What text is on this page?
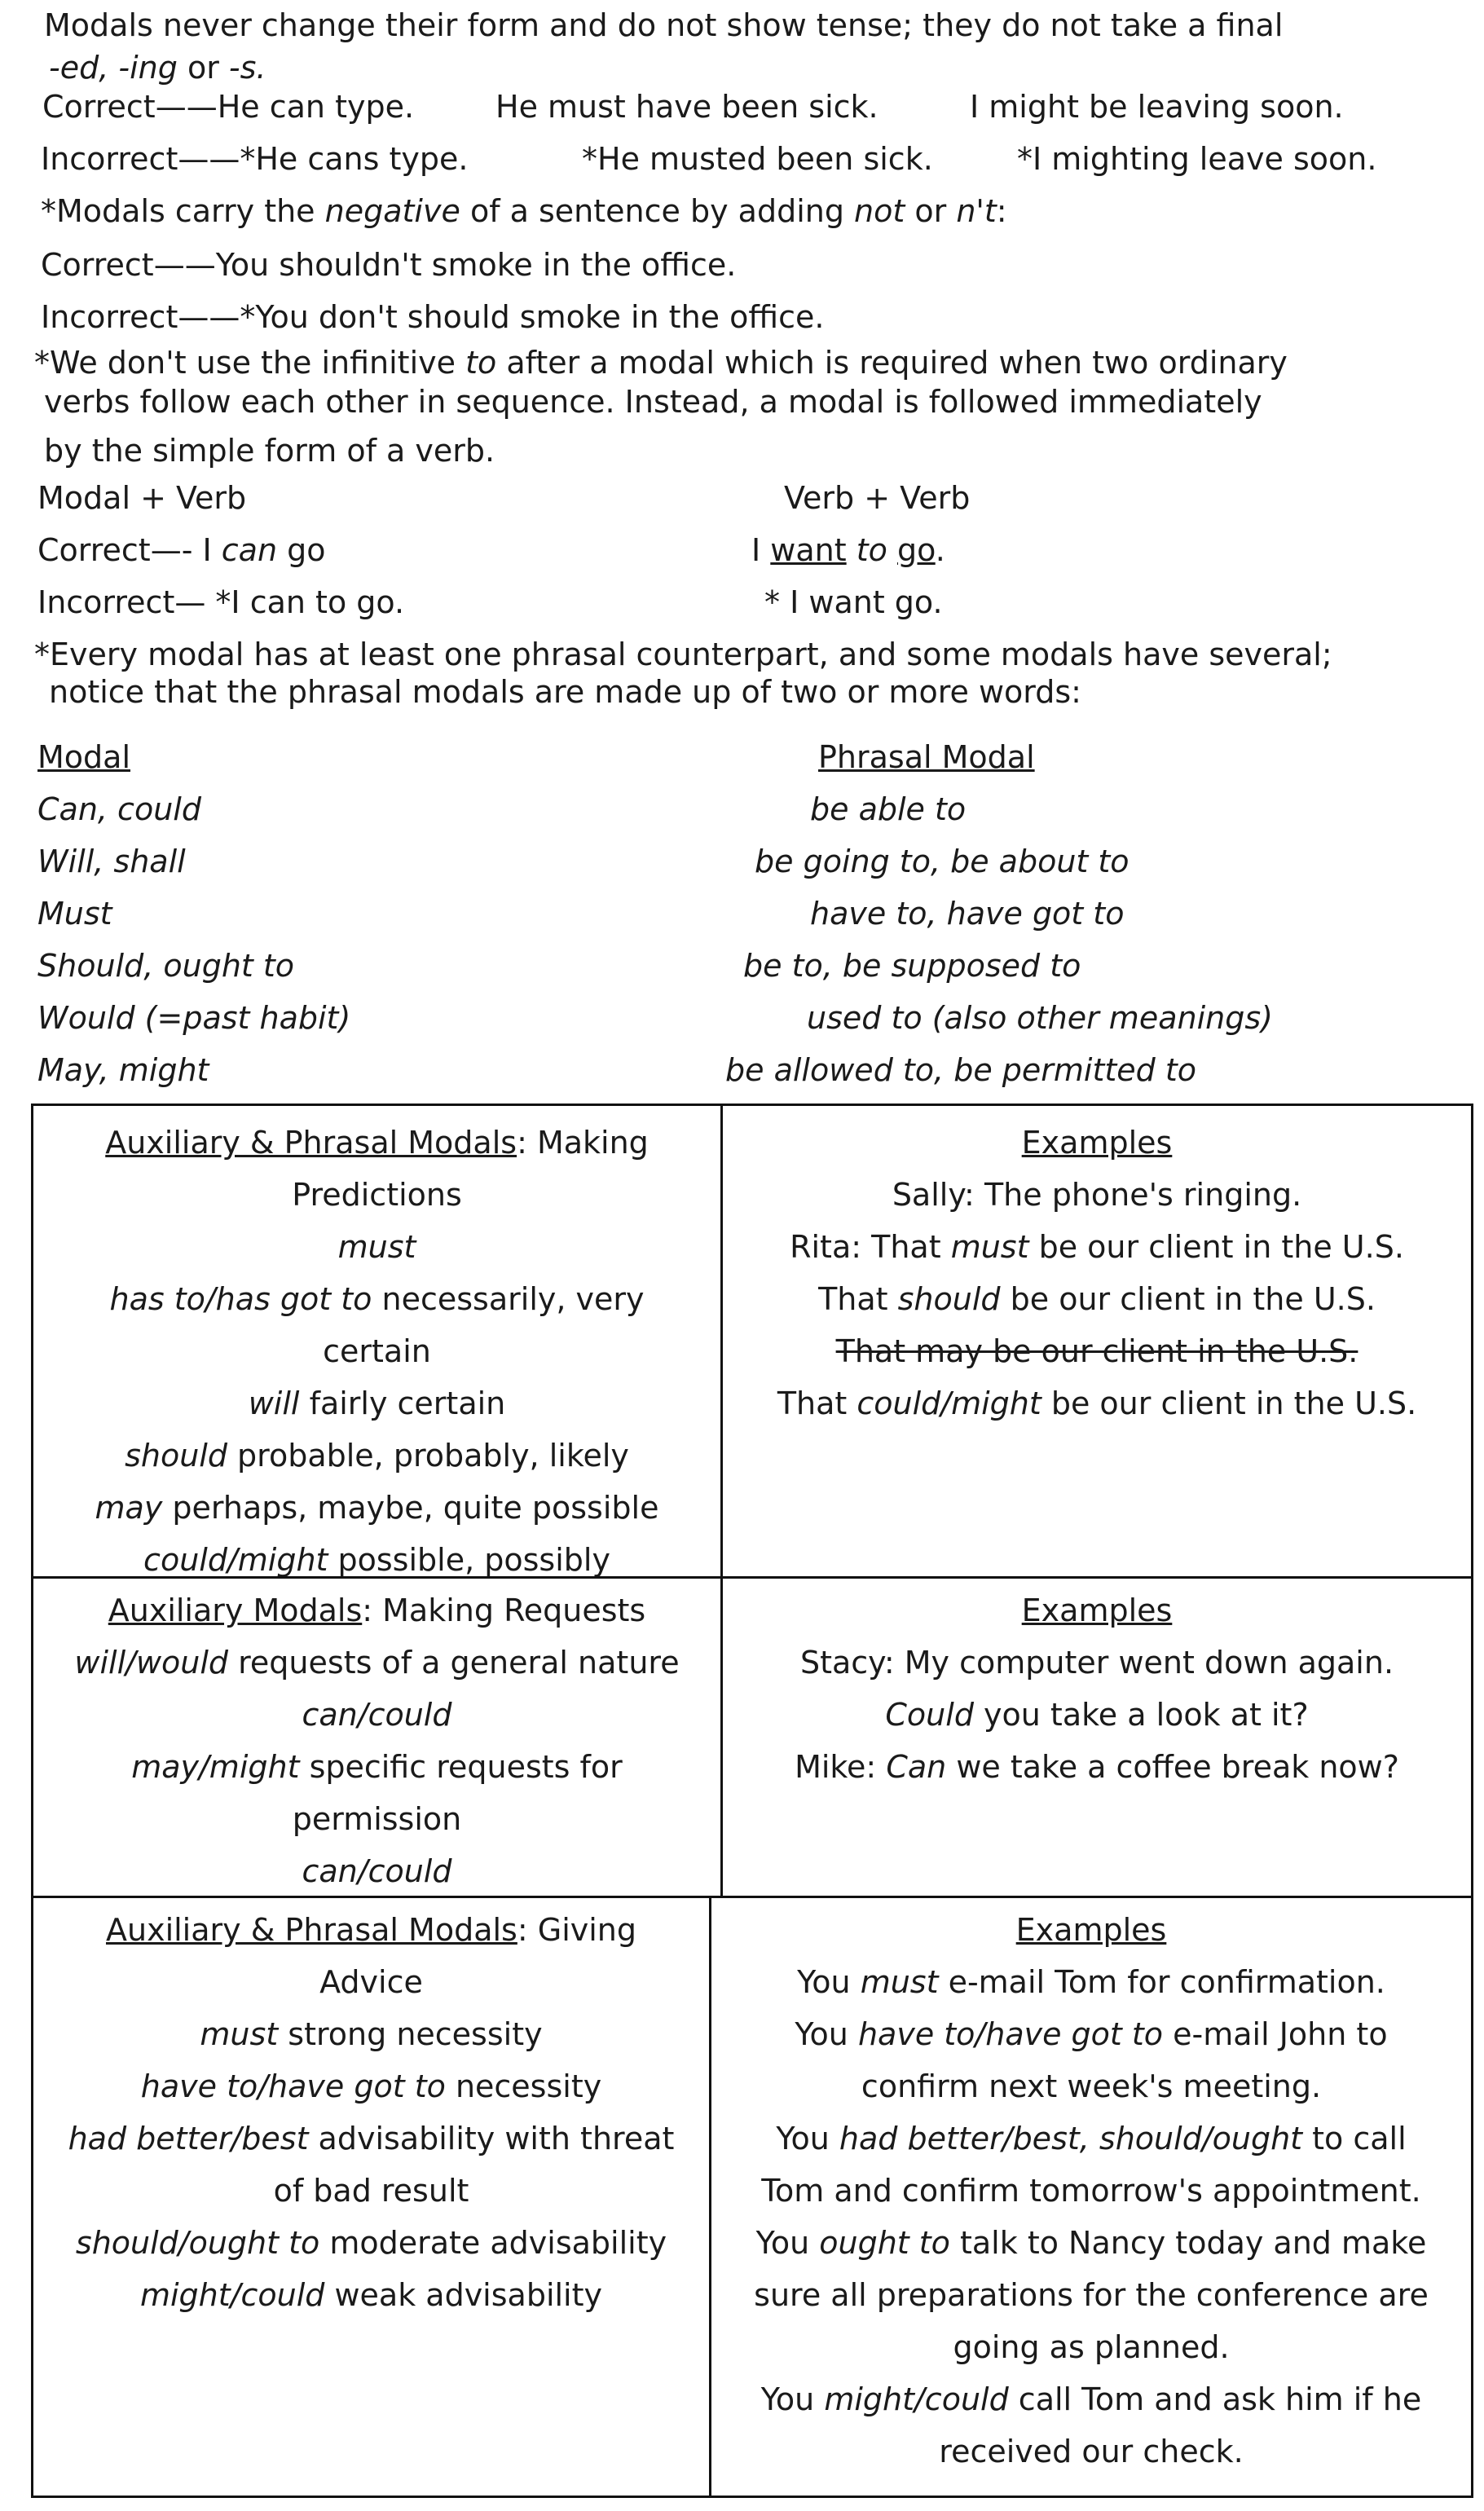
Modals never change their form and do not show tense; they do not take a final
-ed, -ing or -s.
Correct——He can type.	He must have been sick.	I might be leaving soon.
Incorrect——*He cans type.	*He musted been sick.	*I mighting leave soon.
*Modals carry the negative of a sentence by adding not or n't:
Correct——You shouldn't smoke in the office.
Incorrect——*You don't should smoke in the office.
*We don't use the infinitive to after a modal which is required when two ordinary
verbs follow each other in sequence. Instead, a modal is followed immediately
by the simple form of a verb.
Modal + Verb	Verb + Verb
Correct—- I can go	I want to go.
Incorrect— *I can to go.	* I want go.
*Every modal has at least one phrasal counterpart, and some modals have several;
notice that the phrasal modals are made up of two or more words:
Modal	Phrasal Modal
Can, could	be able to
Will, shall	be going to, be about to
Must	have to, have got to
Should, ought to	be to, be supposed to
Would (=past habit)	used to (also other meanings)
May, might	be allowed to, be permitted to
Auxiliary & Phrasal Modals: Making
Predictions
must
has to/has got to necessarily, very
certain
will fairly certain
should probable, probably, likely
may perhaps, maybe, quite possible
could/might possible, possibly
Examples
Sally: The phone's ringing.
Rita: That must be our client in the U.S.
That should be our client in the U.S.
That may be our client in the U.S.
That could/might be our client in the U.S.
Auxiliary Modals: Making Requests
will/would requests of a general nature
can/could
may/might specific requests for
permission
can/could
Examples
Stacy: My computer went down again.
Could you take a look at it?
Mike: Can we take a coffee break now?
Auxiliary & Phrasal Modals: Giving
Advice
must strong necessity
have to/have got to necessity
had better/best advisability with threat
of bad result
should/ought to moderate advisability
might/could weak advisability
Examples
You must e-mail Tom for confirmation.
You have to/have got to e-mail John to
confirm next week's meeting.
You had better/best, should/ought to call
Tom and confirm tomorrow's appointment.
You ought to talk to Nancy today and make
sure all preparations for the conference are
going as planned.
You might/could call Tom and ask him if he
received our check.
